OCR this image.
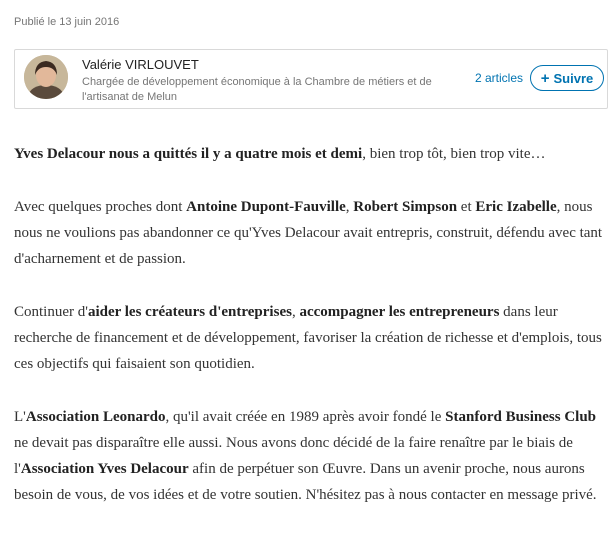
Publié le 13 juin 2016
Valérie VIRLOUVET
Chargée de développement économique à la Chambre de métiers et de l'artisanat de Melun
2 articles + Suivre

Yves Delacour nous a quittés il y a quatre mois et demi, bien trop tôt, bien trop vite…

Avec quelques proches dont Antoine Dupont-Fauville, Robert Simpson et Eric Izabelle, nous nous ne voulions pas abandonner ce qu'Yves Delacour avait entrepris, construit, défendu avec tant d'acharnement et de passion.

Continuer d'aider les créateurs d'entreprises, accompagner les entrepreneurs dans leur recherche de financement et de développement, favoriser la création de richesse et d'emplois, tous ces objectifs qui faisaient son quotidien.

L'Association Leonardo, qu'il avait créée en 1989 après avoir fondé le Stanford Business Club ne devait pas disparaître elle aussi. Nous avons donc décidé de la faire renaître par le biais de l'Association Yves Delacour afin de perpétuer son Œuvre. Dans un avenir proche, nous aurons besoin de vous, de vos idées et de votre soutien. N'hésitez pas à nous contacter en message privé.
